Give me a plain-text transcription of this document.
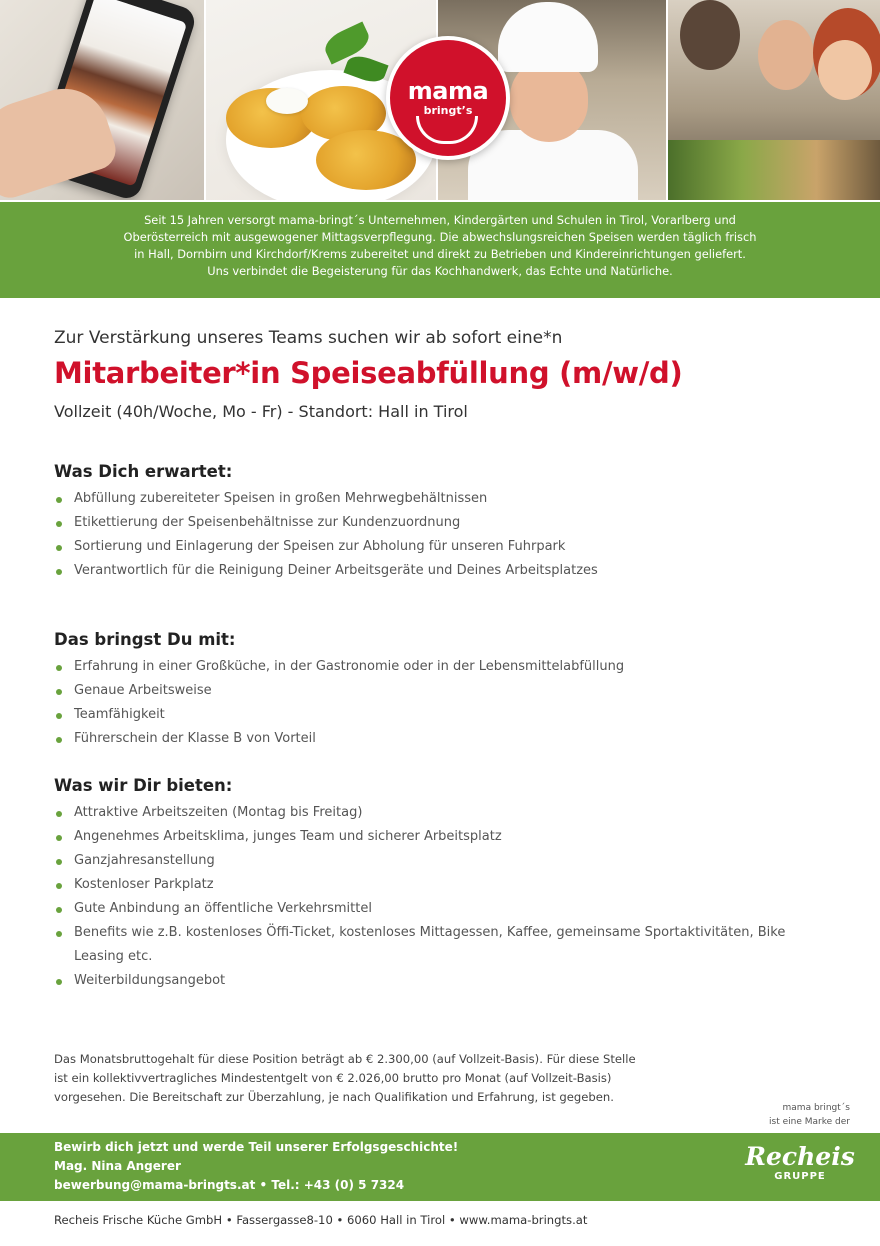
mama
bringt’s

Seit 15 Jahren versorgt mama-bringt´s Unternehmen, Kindergärten und Schulen in Tirol, Vorarlberg und

Oberösterreich mit ausgewogener Mittagsverpflegung. Die abwechslungsreichen Speisen werden täglich frisch

in Hall, Dornbirn und Kirchdorf/Krems zubereitet und direkt zu Betrieben und Kindereinrichtungen geliefert.

Uns verbindet die Begeisterung für das Kochhandwerk, das Echte und Natürliche.

Zur Verstärkung unseres Teams suchen wir ab sofort eine*n
Mitarbeiter*in Speiseabfüllung (m/w/d)
Vollzeit (40h/Woche, Mo - Fr) - Standort: Hall in Tirol
Was Dich erwartet:
Abfüllung zubereiteter Speisen in großen Mehrwegbehältnissen
Etikettierung der Speisenbehältnisse zur Kundenzuordnung
Sortierung und Einlagerung der Speisen zur Abholung für unseren Fuhrpark
Verantwortlich für die Reinigung Deiner Arbeitsgeräte und Deines Arbeitsplatzes
Das bringst Du mit:
Erfahrung in einer Großküche, in der Gastronomie oder in der Lebensmittelabfüllung
Genaue Arbeitsweise
Teamfähigkeit
Führerschein der Klasse B von Vorteil
Was wir Dir bieten:
Attraktive Arbeitszeiten (Montag bis Freitag)
Angenehmes Arbeitsklima, junges Team und sicherer Arbeitsplatz
Ganzjahresanstellung
Kostenloser Parkplatz
Gute Anbindung an öffentliche Verkehrsmittel
Benefits wie z.B. kostenloses Öffi-Ticket, kostenloses Mittagessen, Kaffee, gemeinsame Sportaktivitäten, Bike Leasing etc.
Weiterbildungsangebot
Das Monatsbruttogehalt für diese Position beträgt ab € 2.300,00 (auf Vollzeit-Basis). Für diese Stelle
ist ein kollektivvertragliches Mindestentgelt von € 2.026,00 brutto pro Monat (auf Vollzeit-Basis)
vorgesehen. Die Bereitschaft zur Überzahlung, je nach Qualifikation und Erfahrung, ist gegeben.
mama bringt´s
ist eine Marke der
Bewirb dich jetzt und werde Teil unserer Erfolgsgeschichte!
Mag. Nina Angerer
bewerbung@mama-bringts.at • Tel.: +43 (0) 5 7324
Recheis
GRUPPE
Recheis Frische Küche GmbH • Fassergasse8-10 • 6060 Hall in Tirol • www.mama-bringts.at
